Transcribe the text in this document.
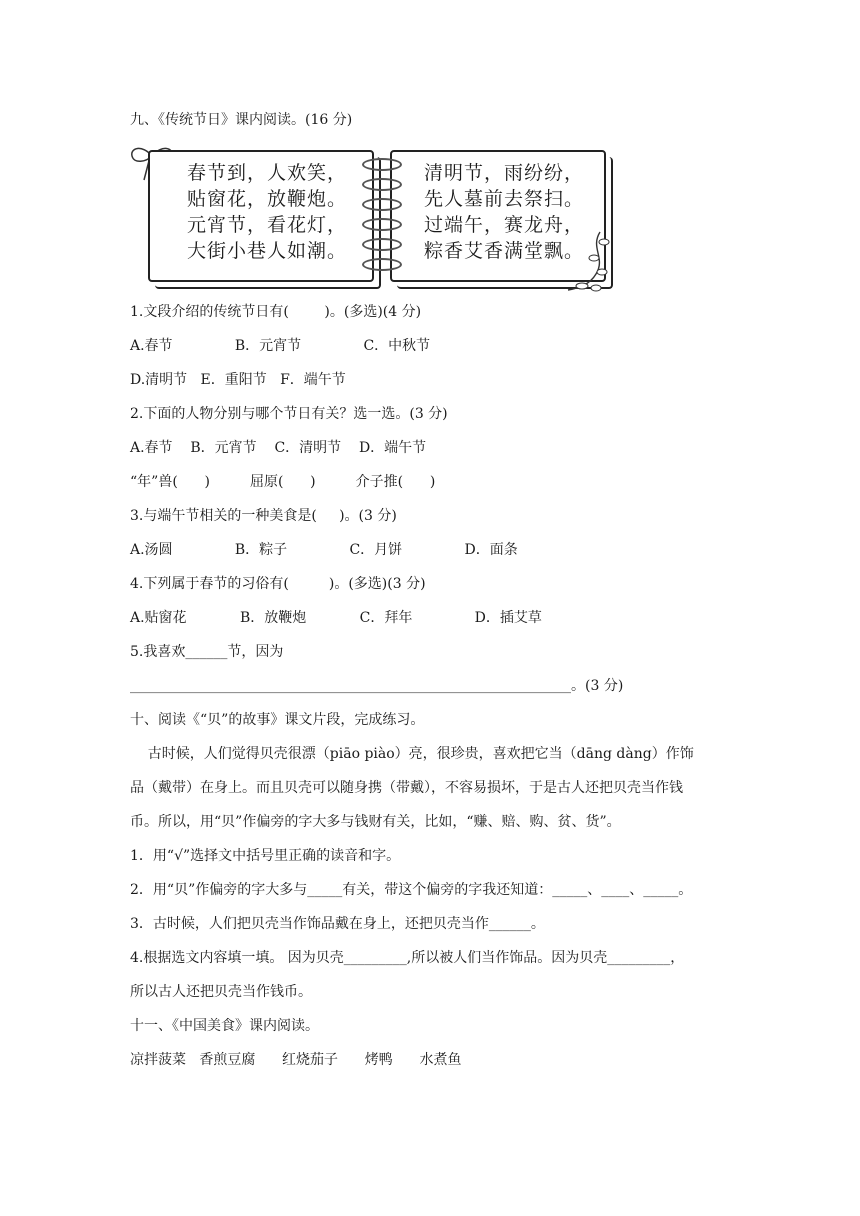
九、《传统节日》课内阅读。(16 分)
春节到，人欢笑，
贴窗花，放鞭炮。
元宵节，看花灯，
大街小巷人如潮。
清明节，雨纷纷，
先人墓前去祭扫。
过端午，赛龙舟，
粽香艾香满堂飘。
1.文段介绍的传统节日有(        )。(多选)(4 分)
A.春节              B．元宵节              C．中秋节
D.清明节   E．重阳节   F．端午节
2.下面的人物分别与哪个节日有关？选一选。(3 分)
A.春节    B．元宵节    C．清明节    D．端午节
“年”兽(      )         屈原(      )         介子推(      )
3.与端午节相关的一种美食是(     )。(3 分)
A.汤圆              B．粽子              C．月饼              D．面条
4.下列属于春节的习俗有(         )。(多选)(3 分)
A.贴窗花            B．放鞭炮            C．拜年              D．插艾草
5.我喜欢______节，因为
_______________________________________________________________。(3 分)
十、阅读《“贝”的故事》课文片段，完成练习。
古时候，人们觉得贝壳很漂（piāo piào）亮，很珍贵，喜欢把它当（dāng dàng）作饰
品（戴带）在身上。而且贝壳可以随身携（带戴），不容易损坏，于是古人还把贝壳当作钱
币。所以，用“贝”作偏旁的字大多与钱财有关，比如，“赚、赔、购、贫、货”。
1．用“√”选择文中括号里正确的读音和字。
2．用“贝”作偏旁的字大多与_____有关，带这个偏旁的字我还知道：_____、____、_____。
3．古时候，人们把贝壳当作饰品戴在身上，还把贝壳当作______。
4.根据选文内容填一填。 因为贝壳_________,所以被人们当作饰品。因为贝壳_________，
所以古人还把贝壳当作钱币。
十一、《中国美食》课内阅读。
凉拌菠菜   香煎豆腐      红烧茄子      烤鸭      水煮鱼
